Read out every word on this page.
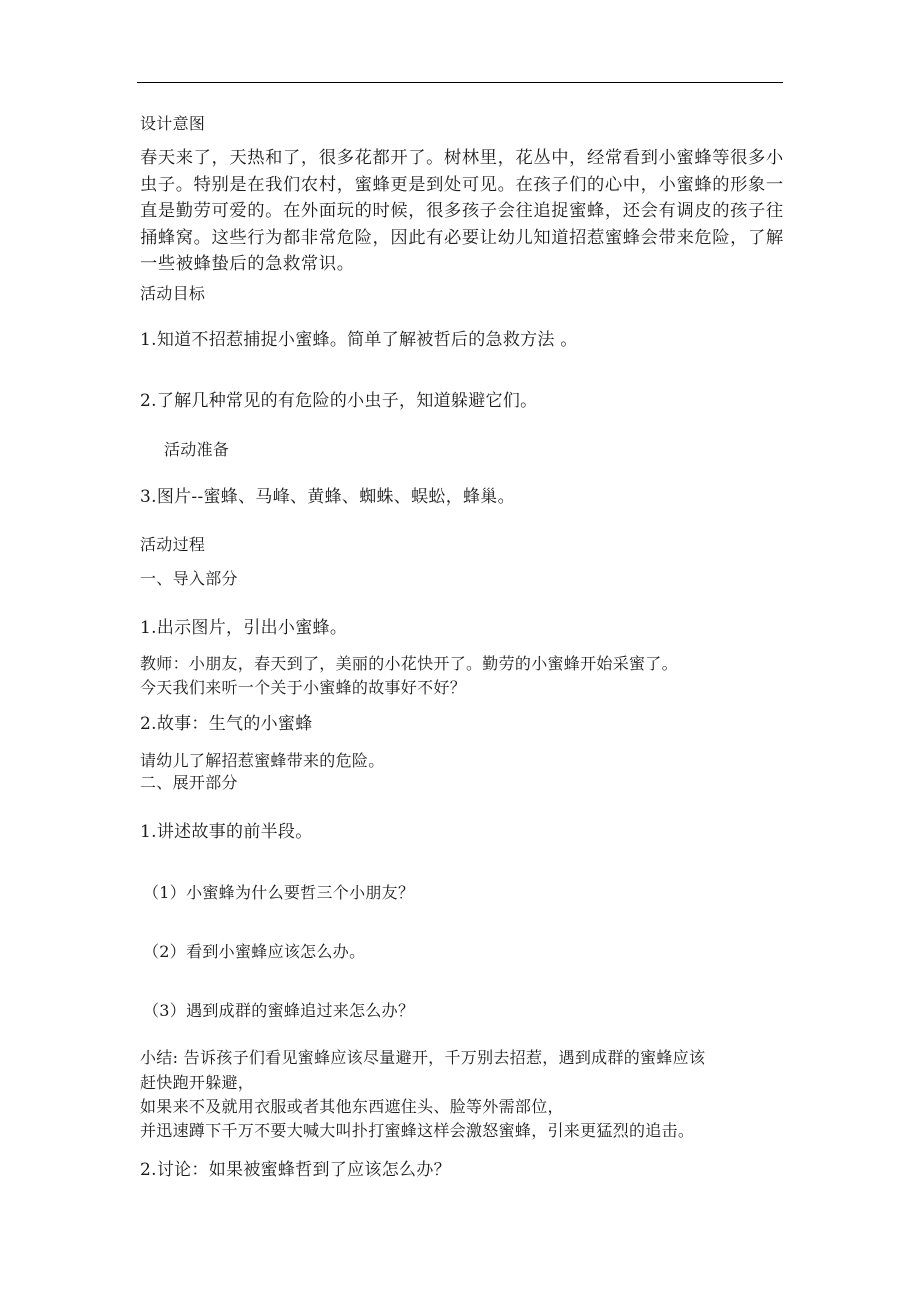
设计意图
春天来了，天热和了，很多花都开了。树林里，花丛中，经常看到小蜜蜂等很多小虫子。特别是在我们农村，蜜蜂更是到处可见。在孩子们的心中，小蜜蜂的形象一直是勤劳可爱的。在外面玩的时候，很多孩子会往追捉蜜蜂，还会有调皮的孩子往捅蜂窝。这些行为都非常危险，因此有必要让幼儿知道招惹蜜蜂会带来危险，了解一些被蜂蛰后的急救常识。
活动目标
1.知道不招惹捕捉小蜜蜂。简单了解被哲后的急救方法 。
2.了解几种常见的有危险的小虫子，知道躲避它们。
活动准备
3.图片--蜜蜂、马峰、黄蜂、蜘蛛、蜈蚣，蜂巢。
活动过程
一、导入部分
1.出示图片，引出小蜜蜂。
教师：小朋友，春天到了，美丽的小花快开了。勤劳的小蜜蜂开始采蜜了。
今天我们来听一个关于小蜜蜂的故事好不好？
2.故事：生气的小蜜蜂
请幼儿了解招惹蜜蜂带来的危险。
二、展开部分
1.讲述故事的前半段。
（1）小蜜蜂为什么要哲三个小朋友？
（2）看到小蜜蜂应该怎么办。
（3）遇到成群的蜜蜂追过来怎么办？
小结: 告诉孩子们看见蜜蜂应该尽量避开，千万别去招惹，遇到成群的蜜蜂应该
赶快跑开躲避，
如果来不及就用衣服或者其他东西遮住头、脸等外需部位，
并迅速蹲下千万不要大喊大叫扑打蜜蜂这样会激怒蜜蜂，引来更猛烈的追击。
2.讨论：如果被蜜蜂哲到了应该怎么办？
